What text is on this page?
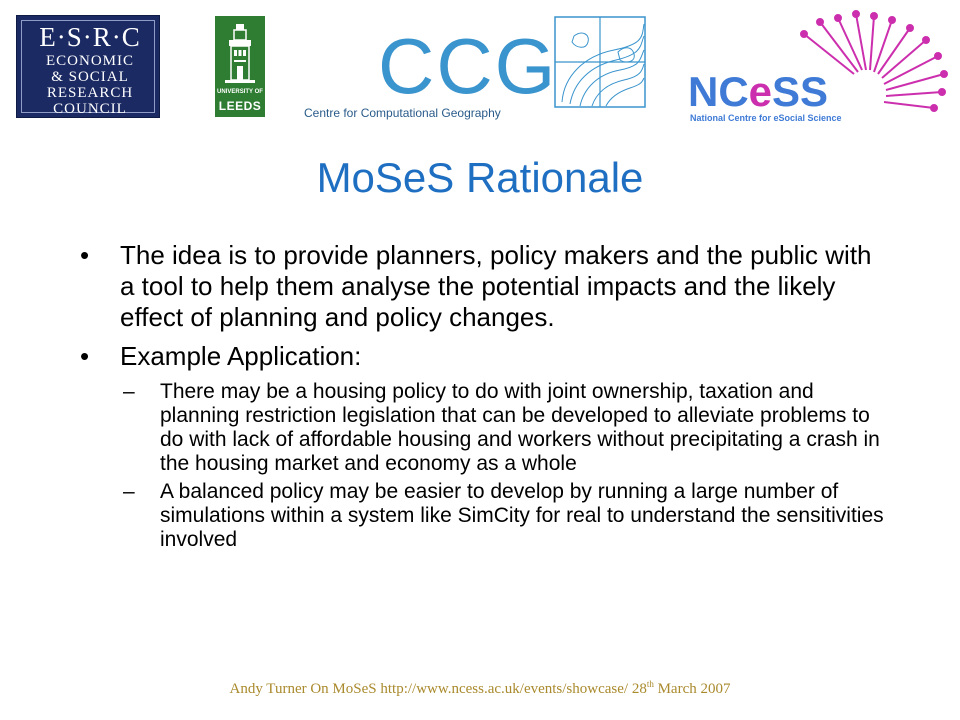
E·S·R·C
ECONOMIC
& SOCIAL
RESEARCH
COUNCIL
UNIVERSITY OF
LEEDS CCG
Centre for Computational Geography	NCeSS
National Centre for eSocial Science
MoSeS Rationale
• The idea is to provide planners, policy makers and the public with a tool to help them analyse the potential impacts and the likely effect of planning and policy changes.
• Example Application:
– There may be a housing policy to do with joint ownership, taxation and planning restriction legislation that can be developed to alleviate problems to do with lack of affordable housing and workers without precipitating a crash in the housing market and economy as a whole
– A balanced policy may be easier to develop by running a large number of simulations within a system like SimCity for real to understand the sensitivities involved
Andy Turner On MoSeS http://www.ncess.ac.uk/events/showcase/ 28th March 2007
